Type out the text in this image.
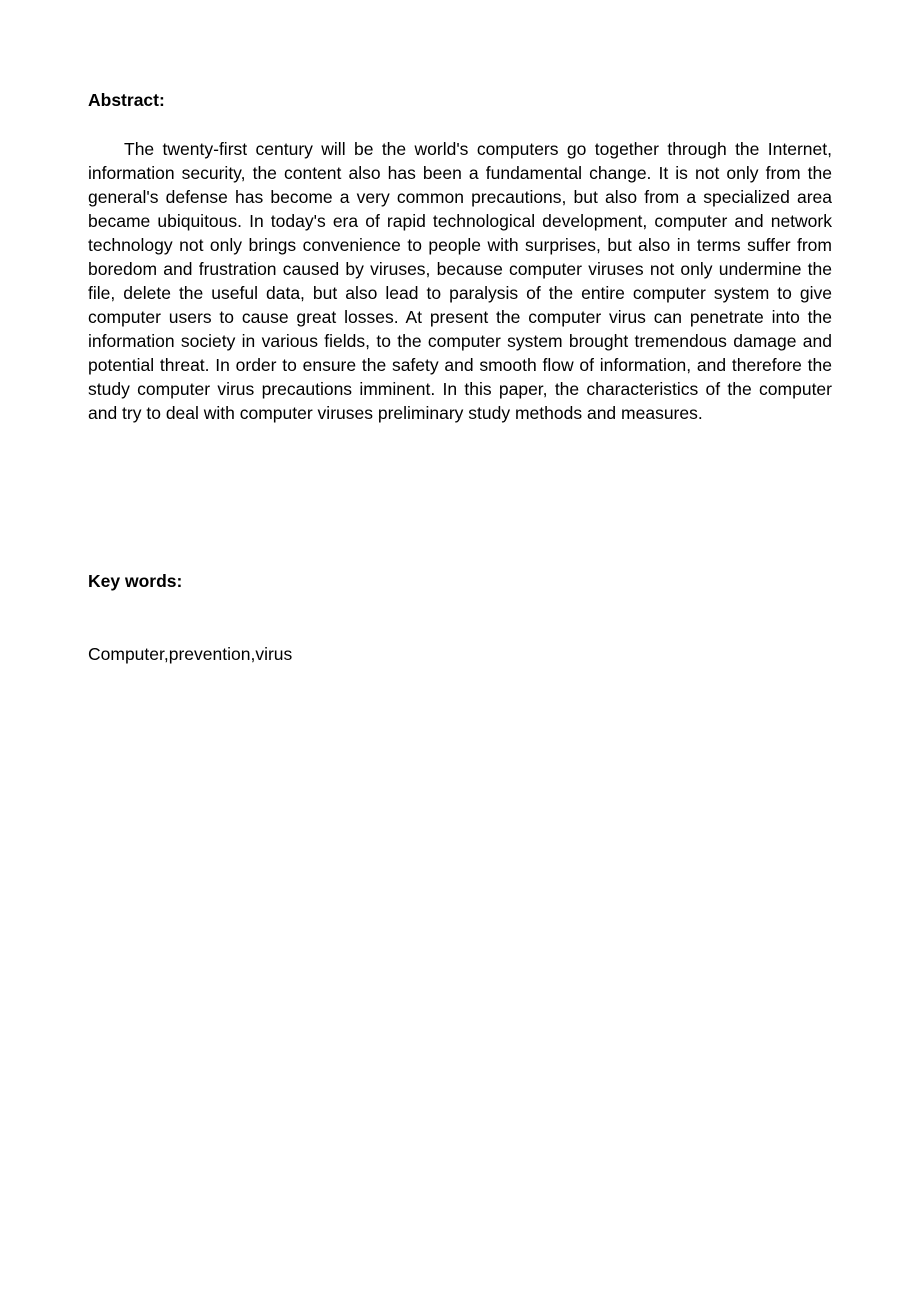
Abstract:

The twenty-first century will be the world's computers go together through the Internet, information security, the content also has been a fundamental change. It is not only from the general's defense has become a very common precautions, but also from a specialized area became ubiquitous. In today's era of rapid technological development, computer and network technology not only brings convenience to people with surprises, but also in terms suffer from boredom and frustration caused by viruses, because computer viruses not only undermine the file, delete the useful data, but also lead to paralysis of the entire computer system to give computer users to cause great losses. At present the computer virus can penetrate into the information society in various fields, to the computer system brought tremendous damage and potential threat. In order to ensure the safety and smooth flow of information, and therefore the study computer virus precautions imminent. In this paper, the characteristics of the computer and try to deal with computer viruses preliminary study methods and measures.

Key words:

Computer,prevention,virus
